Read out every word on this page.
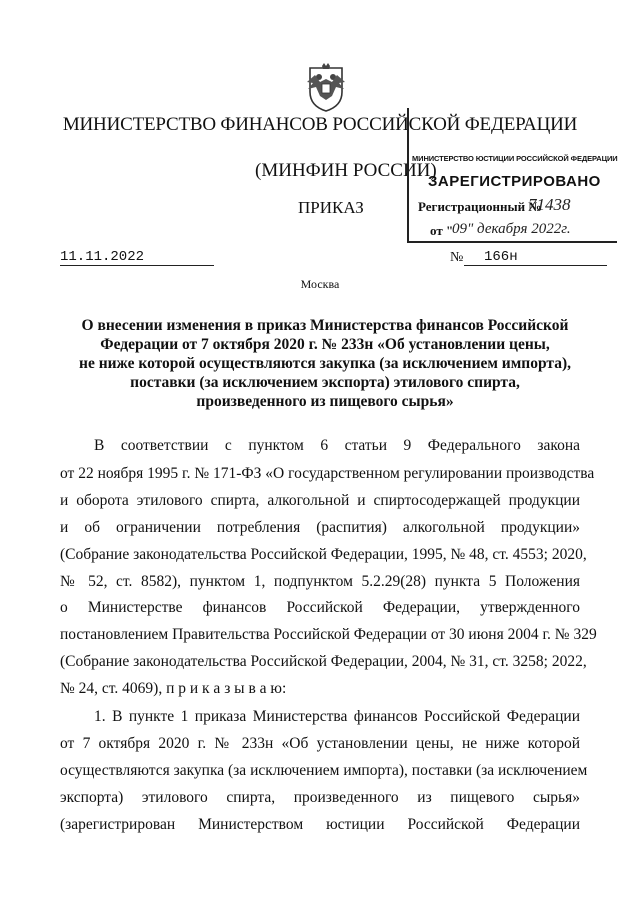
МИНИСТЕРСТВО ФИНАНСОВ РОССИЙСКОЙ ФЕДЕРАЦИИ
(МИНФИН РОССИИ)
ПРИКАЗ
МИНИСТЕРСТВО ЮСТИЦИИ РОССИЙСКОЙ ФЕДЕРАЦИИ
ЗАРЕГИСТРИРОВАНО
Регистрационный №
71438
от "
09" декабря 2022г.
11.11.2022	№	166н
Москва
О внесении изменения в приказ Министерства финансов Российской
Федерации от 7 октября 2020 г. № 233н «Об установлении цены,
не ниже которой осуществляются закупка (за исключением импорта),
поставки (за исключением экспорта) этилового спирта,
произведенного из пищевого сырья»
В соответствии с пунктом 6 статьи 9 Федерального закона
от 22 ноября 1995 г. № 171-ФЗ «О государственном регулировании производства
и оборота этилового спирта, алкогольной и спиртосодержащей продукции
и об ограничении потребления (распития) алкогольной продукции»
(Собрание законодательства Российской Федерации, 1995, № 48, ст. 4553; 2020,
№ 52, ст. 8582), пунктом 1, подпунктом 5.2.29(28) пункта 5 Положения
о Министерстве финансов Российской Федерации, утвержденного
постановлением Правительства Российской Федерации от 30 июня 2004 г. № 329
(Собрание законодательства Российской Федерации, 2004, № 31, ст. 3258; 2022,
№ 24, ст. 4069), п р и к а з ы в а ю:
1. В пункте 1 приказа Министерства финансов Российской Федерации
от 7 октября 2020 г. № 233н «Об установлении цены, не ниже которой
осуществляются закупка (за исключением импорта), поставки (за исключением
экспорта) этилового спирта, произведенного из пищевого сырья»
(зарегистрирован Министерством юстиции Российской Федерации
